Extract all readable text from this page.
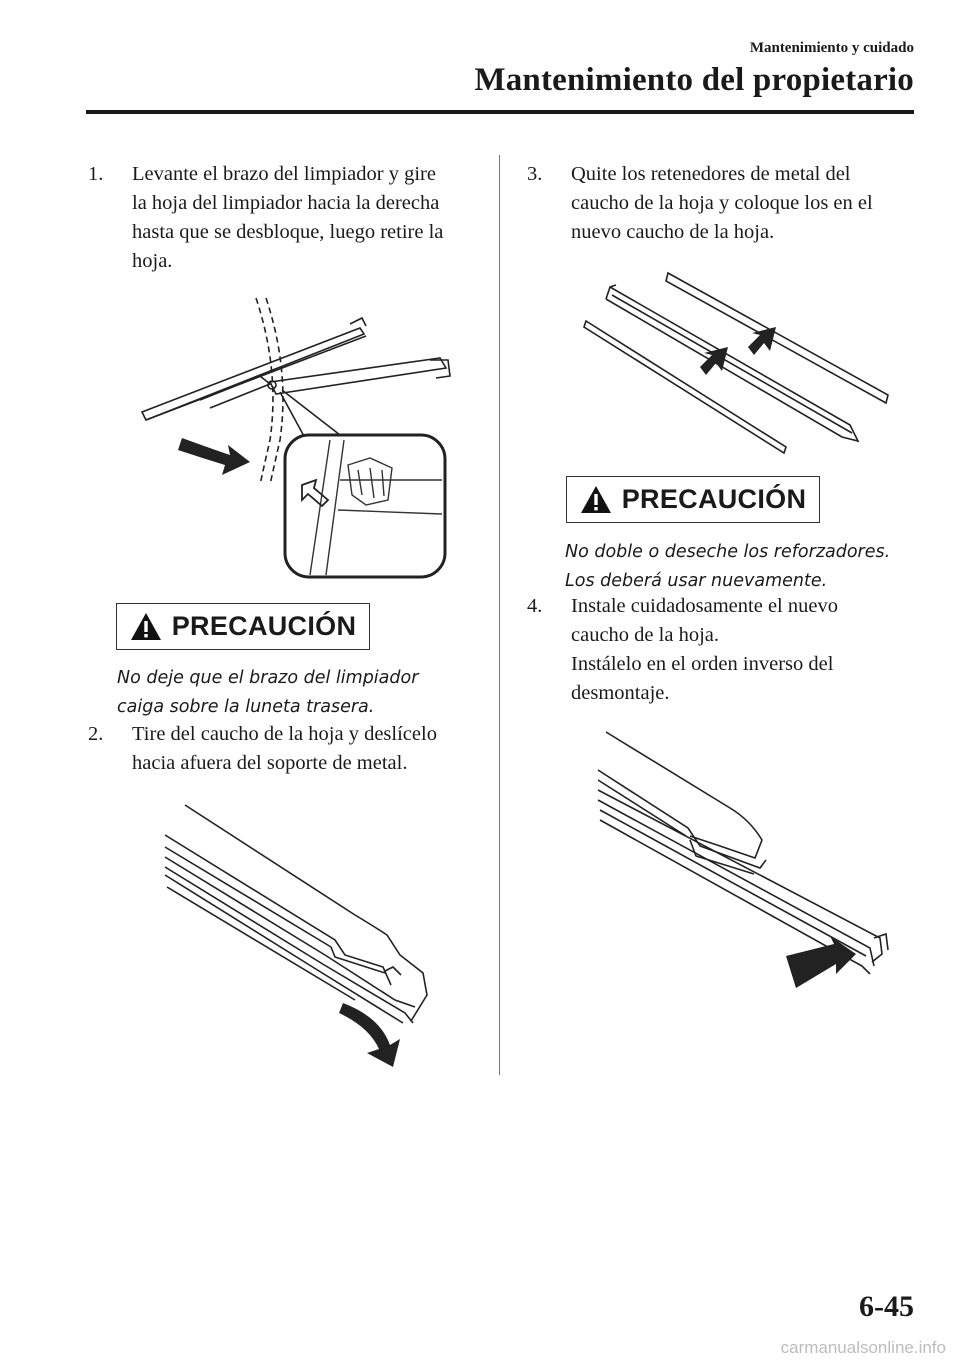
Mantenimiento y cuidado
Mantenimiento del propietario
1.	Levante el brazo del limpiador y gire
la hoja del limpiador hacia la derecha
hasta que se desbloque, luego retire la
hoja.
PRECAUCIÓN
No deje que el brazo del limpiador
caiga sobre la luneta trasera.
2.	Tire del caucho de la hoja y deslícelo
hacia afuera del soporte de metal.
3.	Quite los retenedores de metal del
caucho de la hoja y coloque los en el
nuevo caucho de la hoja.
PRECAUCIÓN
No doble o deseche los reforzadores.
Los deberá usar nuevamente.
4.	Instale cuidadosamente el nuevo
caucho de la hoja.
Instálelo en el orden inverso del
desmontaje.
6-45
carmanualsonline.info
